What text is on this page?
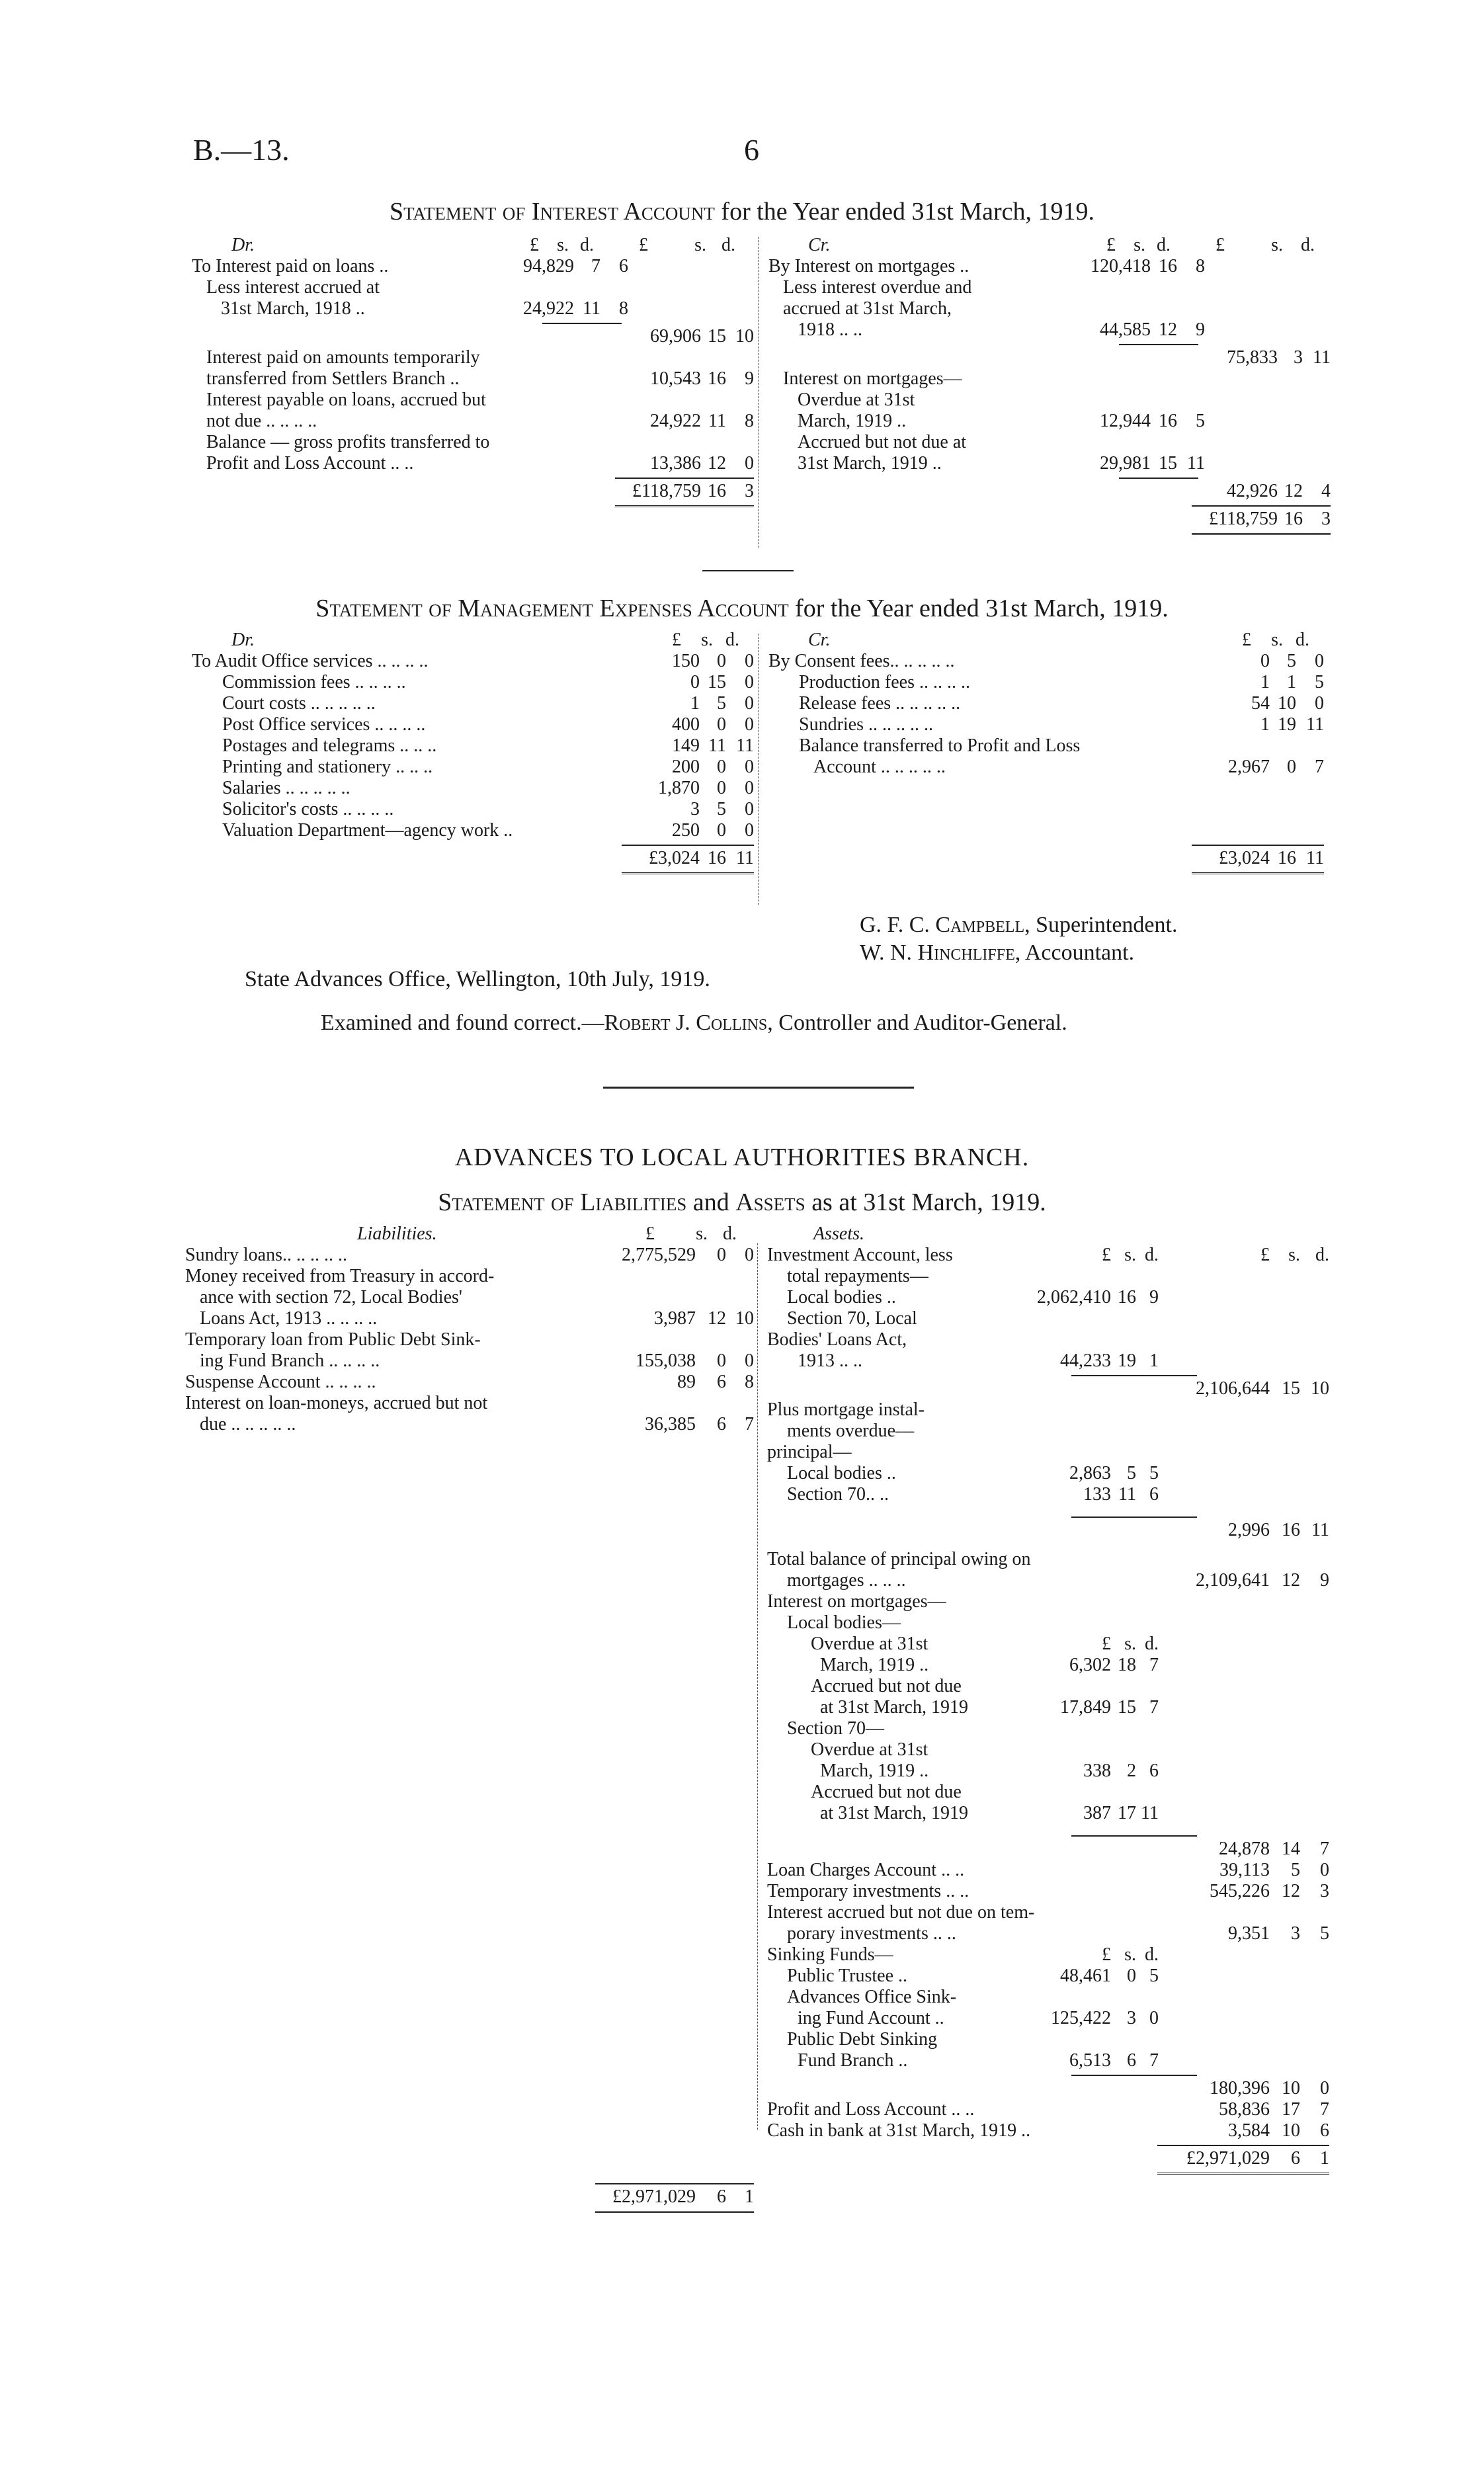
B.—13.	6
Statement of Interest Account for the Year ended 31st March, 1919.
Dr.	£ s. d. £	s. d.
To Interest paid on loans ..	94,829 7 6
Less interest accrued at
31st March, 1918 ..	24,922 11 8
69,906 15 10
Interest paid on amounts temporarily
transferred from Settlers Branch ..	10,543 16 9
Interest payable on loans, accrued but
not due .. .. .. ..	24,922 11 8
Balance — gross profits transferred to
Profit and Loss Account .. ..	13,386 12 0
£118,759 16 3
Cr.	£ s. d. £	s. d.
By Interest on mortgages ..	120,418 16 8
Less interest overdue and
accrued at 31st March,
1918 .. ..	44,585 12 9
75,833 3 11
Interest on mortgages—
Overdue at 31st
March, 1919 ..	12,944 16 5
Accrued but not due at
31st March, 1919 ..	29,981 15 11
42,926 12 4
£118,759 16 3
Statement of Management Expenses Account for the Year ended 31st March, 1919.
Dr.	£ s. d.
To Audit Office services .. .. .. ..	150 0 0
Commission fees .. .. .. ..	0 15 0
Court costs .. .. .. .. ..	1 5 0
Post Office services .. .. .. ..	400 0 0
Postages and telegrams .. .. ..	149 11 11
Printing and stationery .. .. ..	200 0 0
Salaries .. .. .. .. ..	1,870 0 0
Solicitor's costs .. .. .. ..	3 5 0
Valuation Department—agency work ..	250 0 0
£3,024 16 11
Cr.	£ s. d.
By Consent fees.. .. .. .. ..	0 5 0
Production fees .. .. .. ..	1 1 5
Release fees .. .. .. .. ..	54 10 0
Sundries .. .. .. .. ..	1 19 11
Balance transferred to Profit and Loss
Account .. .. .. .. ..	2,967 0 7
£3,024 16 11
G. F. C. Campbell, Superintendent.
W. N. Hinchliffe, Accountant.
State Advances Office, Wellington, 10th July, 1919.
Examined and found correct.—Robert J. Collins, Controller and Auditor-General.
ADVANCES TO LOCAL AUTHORITIES BRANCH.
Statement of Liabilities and Assets as at 31st March, 1919.
Liabilities.	£ s. d.
Sundry loans.. .. .. .. ..	2,775,529 0 0
Money received from Treasury in accord-
ance with section 72, Local Bodies'
Loans Act, 1913 .. .. .. ..	3,987 12 10
Temporary loan from Public Debt Sink-
ing Fund Branch .. .. .. ..	155,038 0 0
Suspense Account .. .. .. ..	89 6 8
Interest on loan-moneys, accrued but not
due .. .. .. .. ..	36,385 6 7
£2,971,029 6 1
Assets.
Investment Account, less	£ s. d.	£ s. d.
total repayments—
Local bodies ..	2,062,410 16 9
Section 70, Local
Bodies' Loans Act,
1913 .. ..	44,233 19 1
2,106,644 15 10
Plus mortgage instal-
ments overdue—
principal—
Local bodies ..	2,863 5 5
Section 70.. ..	133 11 6
2,996 16 11
Total balance of principal owing on
mortgages .. .. ..	2,109,641 12 9
Interest on mortgages—
Local bodies—
Overdue at 31st	£ s. d.
March, 1919 ..	6,302 18 7
Accrued but not due
at 31st March, 1919	17,849 15 7
Section 70—
Overdue at 31st
March, 1919 ..	338 2 6
Accrued but not due
at 31st March, 1919	387 17 11
24,878 14 7
Loan Charges Account .. ..	39,113 5 0
Temporary investments .. ..	545,226 12 3
Interest accrued but not due on tem-
porary investments .. ..	9,351 3 5
Sinking Funds—	£ s. d.
Public Trustee ..	48,461 0 5
Advances Office Sink-
ing Fund Account ..	125,422 3 0
Public Debt Sinking
Fund Branch ..	6,513 6 7
180,396 10 0
Profit and Loss Account .. ..	58,836 17 7
Cash in bank at 31st March, 1919 ..	3,584 10 6
£2,971,029 6 1
